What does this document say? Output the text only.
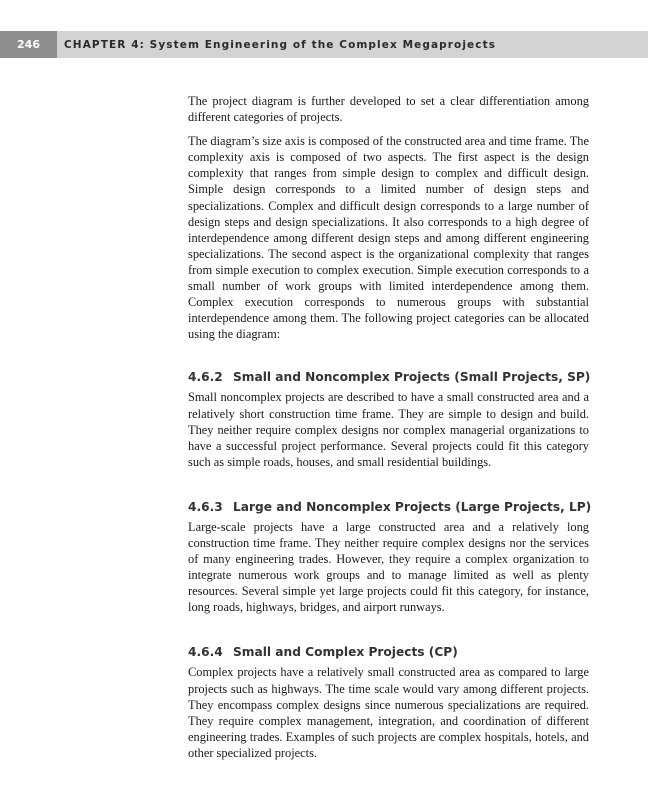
246	CHAPTER 4: System Engineering of the Complex Megaprojects

The project diagram is further developed to set a clear differentiation among different categories of projects.

The diagram’s size axis is composed of the constructed area and time frame. The complexity axis is composed of two aspects. The first aspect is the design complexity that ranges from simple design to complex and difficult design. Simple design corresponds to a limited number of design steps and specializations. Complex and difficult design corresponds to a large number of design steps and design specializations. It also corresponds to a high degree of interdependence among different design steps and among different engineering specializations. The second aspect is the organizational complexity that ranges from simple execution to complex execution. Simple execution corresponds to a small number of work groups with limited interdependence among them. Complex execution corresponds to numerous groups with substantial interdependence among them. The following project categories can be allocated using the diagram:

4.6.2 Small and Noncomplex Projects (Small Projects, SP)

Small noncomplex projects are described to have a small constructed area and a relatively short construction time frame. They are simple to design and build. They neither require complex designs nor complex managerial organizations to have a successful project performance. Several projects could fit this category such as simple roads, houses, and small residential buildings.

4.6.3 Large and Noncomplex Projects (Large Projects, LP)

Large-scale projects have a large constructed area and a relatively long construction time frame. They neither require complex designs nor the services of many engineering trades. However, they require a complex organization to integrate numerous work groups and to manage limited as well as plenty resources. Several simple yet large projects could fit this category, for instance, long roads, highways, bridges, and airport runways.

4.6.4 Small and Complex Projects (CP)

Complex projects have a relatively small constructed area as compared to large projects such as highways. The time scale would vary among different projects. They encompass complex designs since numerous specializations are required. They require complex management, integration, and coordination of different engineering trades. Examples of such projects are complex hospitals, hotels, and other specialized projects.
